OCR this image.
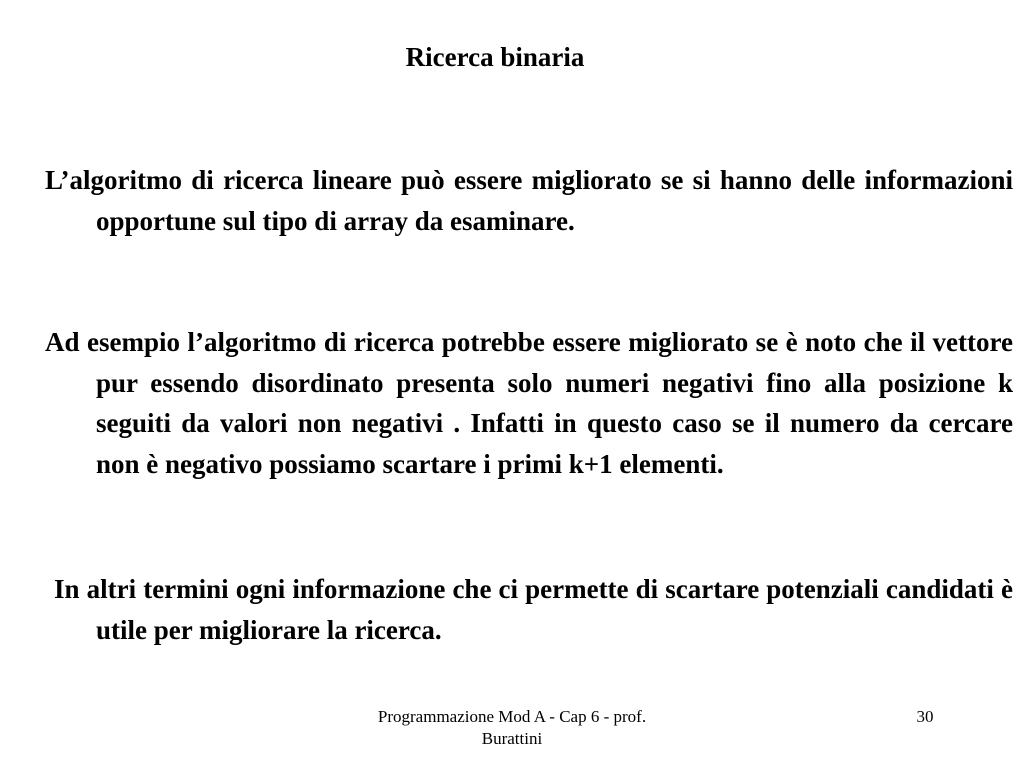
Ricerca binaria
L’algoritmo di ricerca lineare può essere migliorato se si hanno delle informazioni opportune sul tipo di array da esaminare.
Ad esempio l’algoritmo di ricerca potrebbe essere migliorato se è noto che il vettore pur essendo disordinato presenta solo numeri negativi fino alla posizione k seguiti da valori non negativi . Infatti in questo caso se il numero da cercare non è negativo possiamo scartare i primi k+1 elementi.
In altri termini ogni informazione che ci permette di scartare potenziali candidati è utile per migliorare la ricerca.
Programmazione Mod A - Cap 6 - prof. Burattini
30
